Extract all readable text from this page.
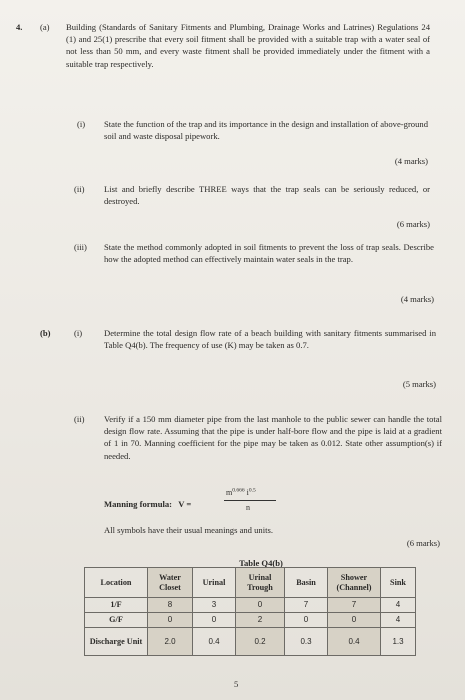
4. (a) Building (Standards of Sanitary Fitments and Plumbing, Drainage Works and Latrines) Regulations 24 (1) and 25(1) prescribe that every soil fitment shall be provided with a suitable trap with a water seal of not less than 50 mm, and every waste fitment shall be provided immediately under the fitment with a suitable trap respectively.
(i) State the function of the trap and its importance in the design and installation of above-ground soil and waste disposal pipework.
(4 marks)
(ii) List and briefly describe THREE ways that the trap seals can be seriously reduced, or destroyed.
(6 marks)
(iii) State the method commonly adopted in soil fitments to prevent the loss of trap seals. Describe how the adopted method can effectively maintain water seals in the trap.
(4 marks)
(b)	(i)	Determine the total design flow rate of a beach building with sanitary fitments summarised in Table Q4(b). The frequency of use (K) may be taken as 0.7.
(5 marks)
(ii) Verify if a 150 mm diameter pipe from the last manhole to the public sewer can handle the total design flow rate. Assuming that the pipe is under half-bore flow and the pipe is laid at a gradient of 1 in 70. Manning coefficient for the pipe may be taken as 0.012. State other assumption(s) if needed.
Manning formula: V =
$m^{0.666}$ $i^{0.5}$
n
All symbols have their usual meanings and units.
(6 marks)
Table Q4(b)
Location	Water Closet	Urinal	Urinal Trough	Basin	Shower (Channel)	Sink
1/F	8	3	0	7	7	4
G/F	0	0	2	0	0	4
Discharge Unit	2.0	0.4	0.2	0.3	0.4	1.3
5
